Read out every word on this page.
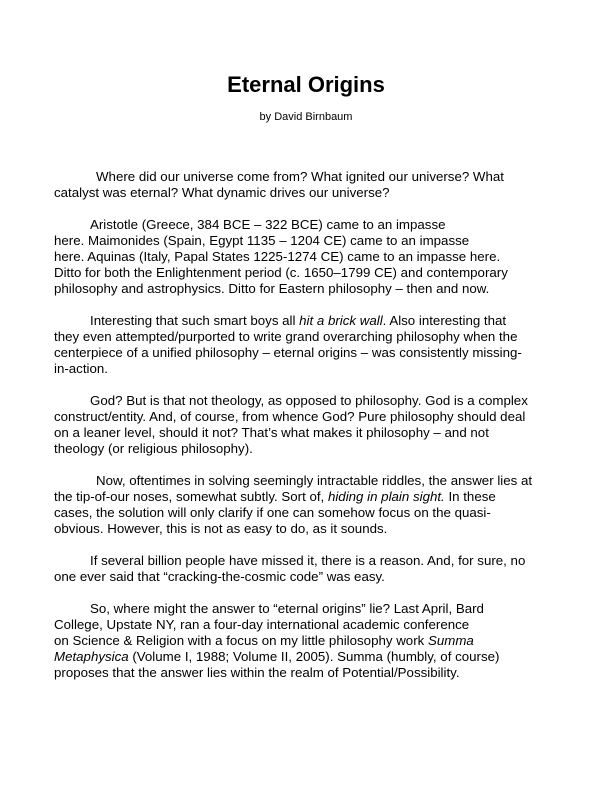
Eternal Origins
by David Birnbaum

Where did our universe come from? What ignited our universe? What
catalyst was eternal? What dynamic drives our universe?

Aristotle (Greece, 384 BCE – 322 BCE) came to an impasse
here. Maimonides (Spain, Egypt 1135 – 1204 CE) came to an impasse
here. Aquinas (Italy, Papal States 1225-1274 CE) came to an impasse here.
Ditto for both the Enlightenment period (c. 1650–1799 CE) and contemporary
philosophy and astrophysics. Ditto for Eastern philosophy – then and now.

Interesting that such smart boys all hit a brick wall. Also interesting that
they even attempted/purported to write grand overarching philosophy when the
centerpiece of a unified philosophy – eternal origins – was consistently missing-
in-action.

God? But is that not theology, as opposed to philosophy. God is a complex
construct/entity. And, of course, from whence God? Pure philosophy should deal
on a leaner level, should it not? That’s what makes it philosophy – and not
theology (or religious philosophy).

Now, oftentimes in solving seemingly intractable riddles, the answer lies at
the tip-of-our noses, somewhat subtly. Sort of, hiding in plain sight. In these
cases, the solution will only clarify if one can somehow focus on the quasi-
obvious. However, this is not as easy to do, as it sounds.

If several billion people have missed it, there is a reason. And, for sure, no
one ever said that “cracking-the-cosmic code” was easy.

So, where might the answer to “eternal origins” lie? Last April, Bard
College, Upstate NY, ran a four-day international academic conference
on Science & Religion with a focus on my little philosophy work Summa
Metaphysica (Volume I, 1988; Volume II, 2005). Summa (humbly, of course)
proposes that the answer lies within the realm of Potential/Possibility.
